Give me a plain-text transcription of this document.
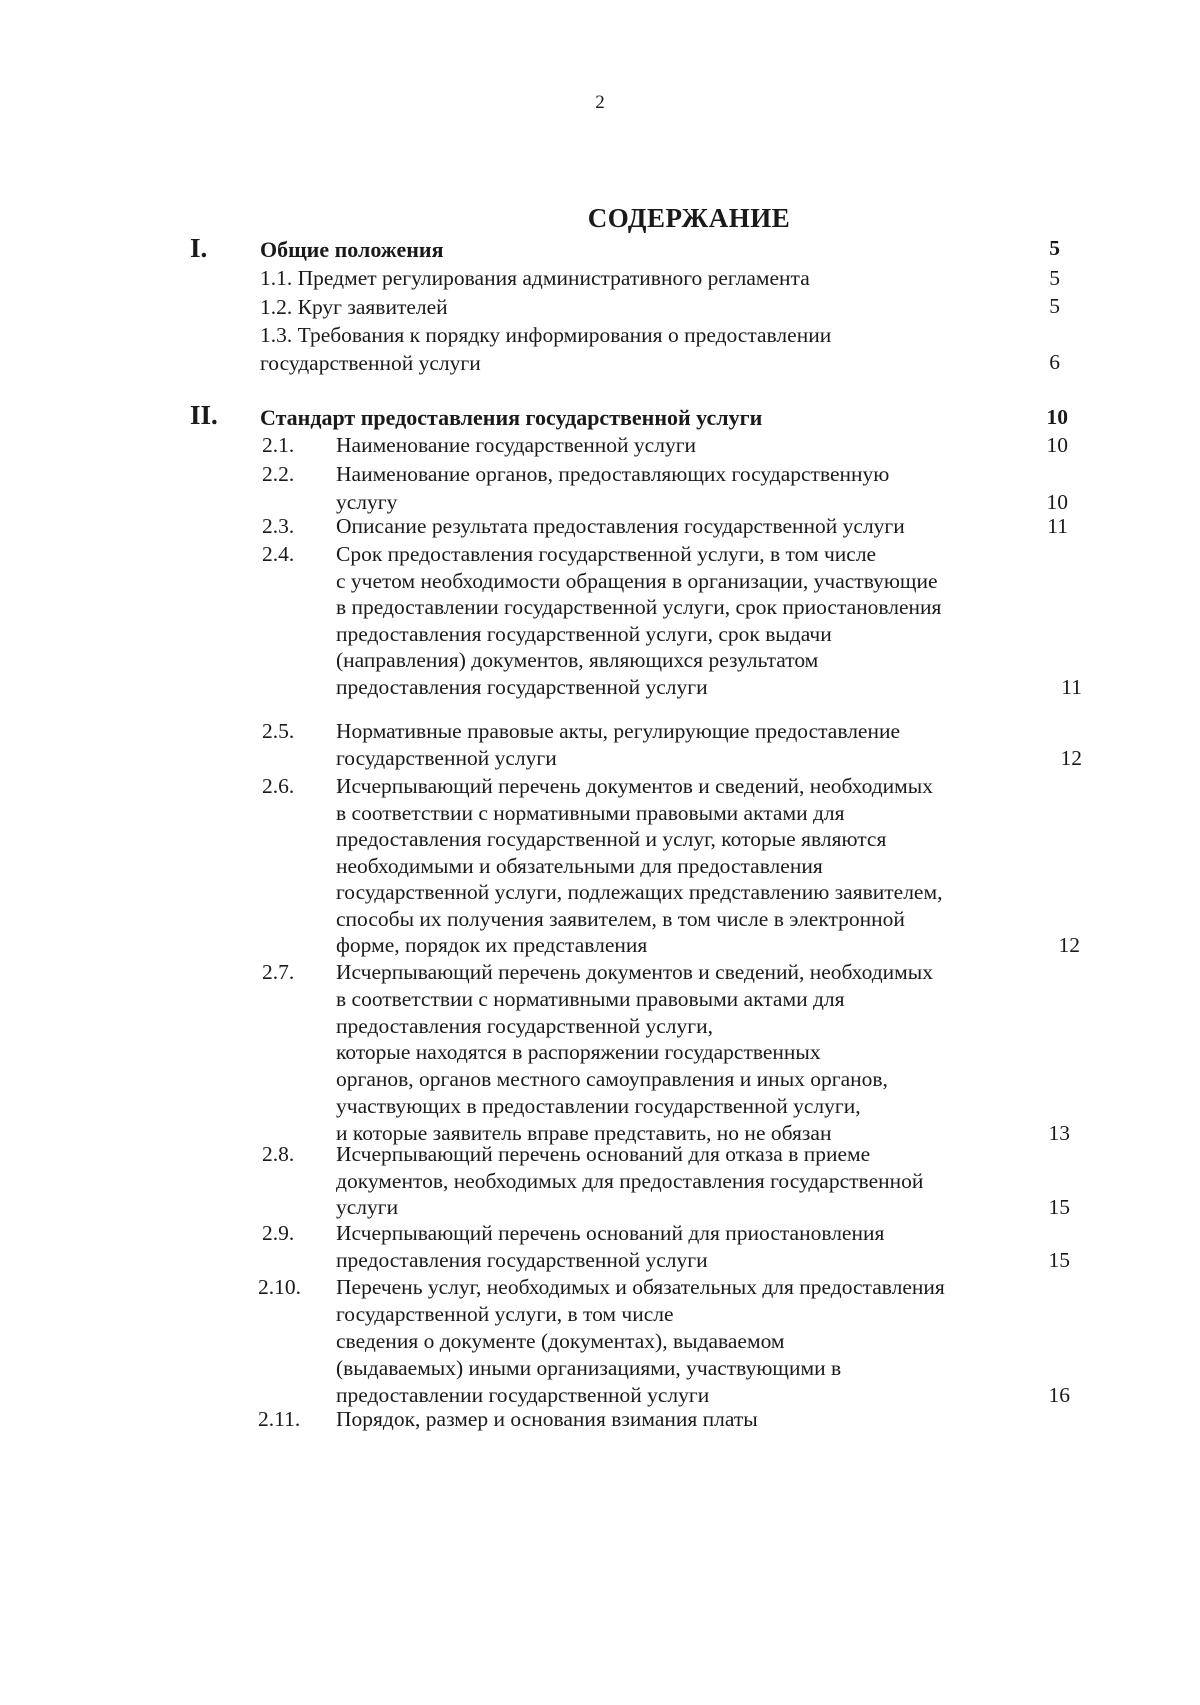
2
СОДЕРЖАНИЕ
I. Общие положения	5
1.1. Предмет регулирования административного регламента	5
1.2. Круг заявителей	5
1.3. Требования к порядку информирования о предоставлении
государственной услуги	6
II. Стандарт предоставления государственной услуги	10
2.1. Наименование государственной услуги	10
2.2. Наименование органов, предоставляющих государственную
услугу	10
2.3. Описание результата предоставления государственной услуги	11
2.4. Срок предоставления государственной услуги, в том числе
с учетом необходимости обращения в организации, участвующие
в предоставлении государственной услуги, срок приостановления
предоставления государственной услуги, срок выдачи
(направления) документов, являющихся результатом
предоставления государственной услуги	11
2.5. Нормативные правовые акты, регулирующие предоставление
государственной услуги	12
2.6. Исчерпывающий перечень документов и сведений, необходимых
в соответствии с нормативными правовыми актами для
предоставления государственной и услуг, которые являются
необходимыми и обязательными для предоставления
государственной услуги, подлежащих представлению заявителем,
способы их получения заявителем, в том числе в электронной
форме, порядок их представления	12
2.7. Исчерпывающий перечень документов и сведений, необходимых
в соответствии с нормативными правовыми актами для
предоставления государственной услуги,
которые находятся в распоряжении государственных
органов, органов местного самоуправления и иных органов,
участвующих в предоставлении государственной услуги,
и которые заявитель вправе представить, но не обязан	13
2.8. Исчерпывающий перечень оснований для отказа в приеме
документов, необходимых для предоставления государственной
услуги	15
2.9. Исчерпывающий перечень оснований для приостановления
предоставления государственной услуги	15
2.10. Перечень услуг, необходимых и обязательных для предоставления
государственной услуги, в том числе
сведения о документе (документах), выдаваемом
(выдаваемых) иными организациями, участвующими в
предоставлении государственной услуги	16
2.11. Порядок, размер и основания взимания платы
